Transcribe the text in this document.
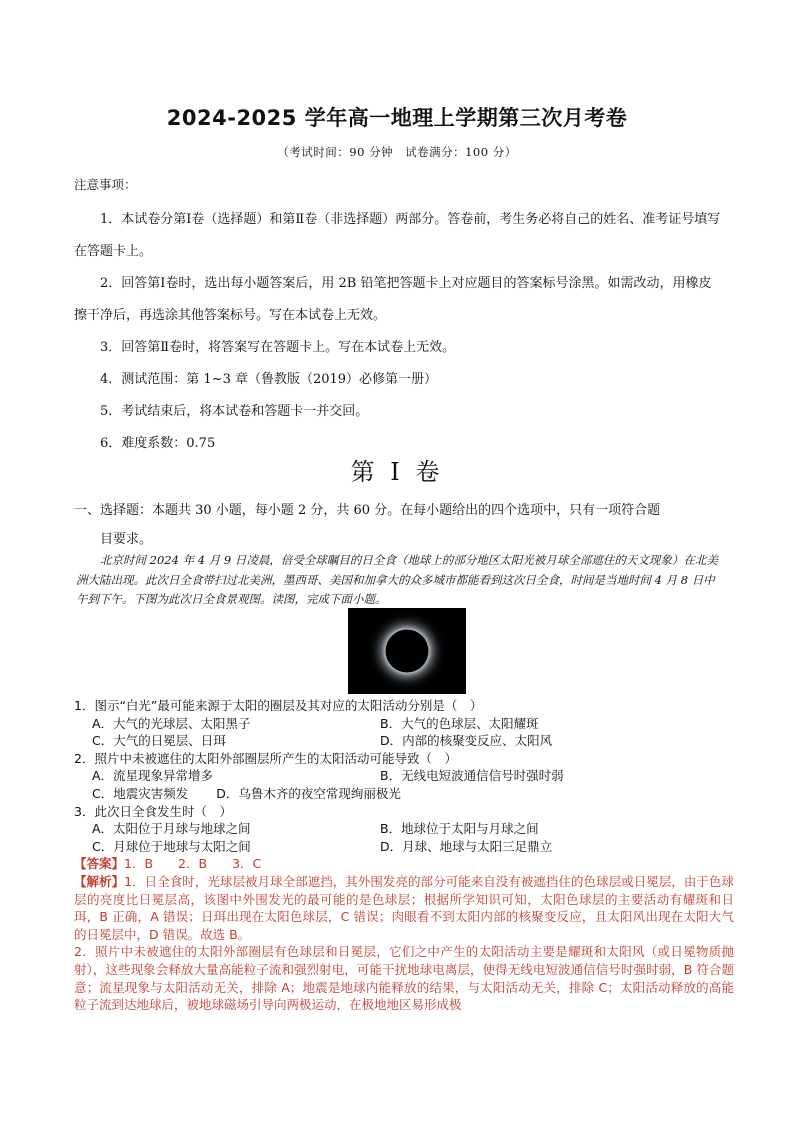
2024-2025 学年高一地理上学期第三次月考卷
（考试时间：90 分钟　试卷满分：100 分）
注意事项：
1．本试卷分第Ⅰ卷（选择题）和第Ⅱ卷（非选择题）两部分。答卷前，考生务必将自己的姓名、准考证号填写在答题卡上。
2．回答第Ⅰ卷时，选出每小题答案后，用 2B 铅笔把答题卡上对应题目的答案标号涂黑。如需改动，用橡皮擦干净后，再选涂其他答案标号。写在本试卷上无效。
3．回答第Ⅱ卷时，将答案写在答题卡上。写在本试卷上无效。
4．测试范围：第 1~3 章（鲁教版（2019）必修第一册）
5．考试结束后，将本试卷和答题卡一并交回。
6．难度系数：0.75
第 I 卷
一、选择题：本题共 30 小题，每小题 2 分，共 60 分。在每小题给出的四个选项中，只有一项符合题
目要求。
北京时间 2024 年 4 月 9 日凌晨，倍受全球瞩目的日全食（地球上的部分地区太阳光被月球全部遮住的天文现象）在北美洲大陆出现。此次日全食带扫过北美洲，墨西哥、美国和加拿大的众多城市都能看到这次日全食，时间是当地时间 4 月 8 日中午到下午。下图为此次日全食景观图。读图，完成下面小题。
1．图示“白光”最可能来源于太阳的圈层及其对应的太阳活动分别是（　）
A．大气的光球层、太阳黑子	B．大气的色球层、太阳耀斑
C．大气的日冕层、日珥	D．内部的核聚变反应、太阳风
2．照片中未被遮住的太阳外部圈层所产生的太阳活动可能导致（　）
A．流星现象异常增多	B．无线电短波通信信号时强时弱
C．地震灾害频发 D．乌鲁木齐的夜空常现绚丽极光
3．此次日全食发生时（　）
A．太阳位于月球与地球之间	B．地球位于太阳与月球之间
C．月球位于地球与太阳之间	D．月球、地球与太阳三足鼎立
【答案】1．B　　2．B　　3．C
【解析】1．日全食时，光球层被月球全部遮挡，其外围发亮的部分可能来自没有被遮挡住的色球层或日冕层，由于色球层的亮度比日冕层高，该图中外围发光的最可能的是色球层；根据所学知识可知，太阳色球层的主要活动有耀斑和日珥，B 正确，A 错误；日珥出现在太阳色球层，C 错误；肉眼看不到太阳内部的核聚变反应，且太阳风出现在太阳大气的日冕层中，D 错误。故选 B。
2．照片中未被遮住的太阳外部圈层有色球层和日冕层，它们之中产生的太阳活动主要是耀斑和太阳风（或日冕物质抛射），这些现象会释放大量高能粒子流和强烈射电，可能干扰地球电离层，使得无线电短波通信信号时强时弱，B 符合题意；流星现象与太阳活动无关，排除 A；地震是地球内能释放的结果，与太阳活动无关，排除 C；太阳活动释放的高能粒子流到达地球后，被地球磁场引导向两极运动，在极地地区易形成极
